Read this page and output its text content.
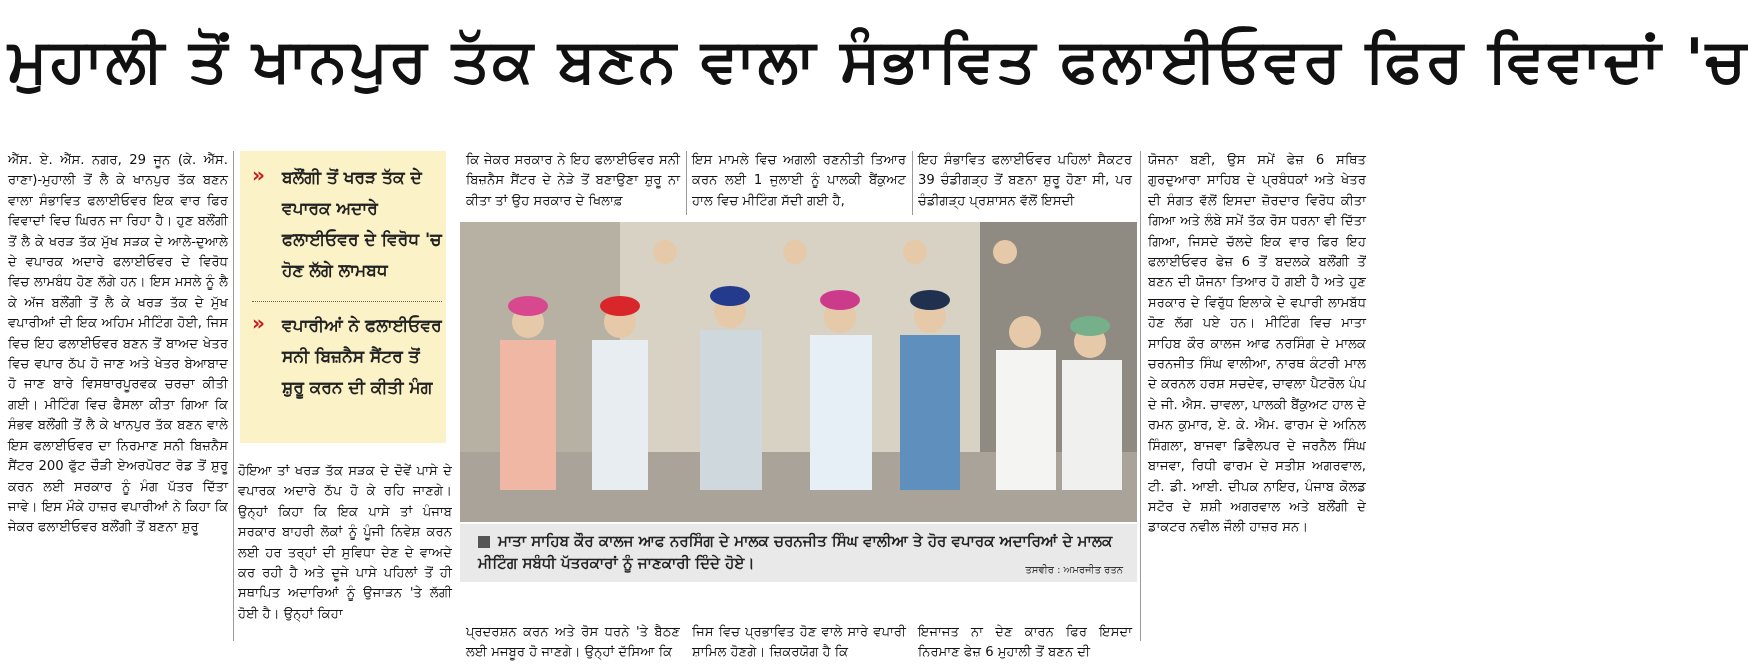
ਮੁਹਾਲੀ ਤੋਂ ਖਾਨਪੁਰ ਤੱਕ ਬਣਨ ਵਾਲਾ ਸੰਭਾਵਿਤ ਫਲਾਈਓਵਰ ਫਿਰ ਵਿਵਾਦਾਂ 'ਚ

ਐੱਸ. ਏ. ਐੱਸ. ਨਗਰ, 29 ਜੂਨ (ਕੇ. ਐੱਸ. ਰਾਣਾ)-ਮੁਹਾਲੀ ਤੋਂ ਲੈ ਕੇ ਖਾਨਪੁਰ ਤੱਕ ਬਣਨ ਵਾਲਾ ਸੰਭਾਵਿਤ ਫਲਾਈਓਵਰ ਇਕ ਵਾਰ ਫਿਰ ਵਿਵਾਦਾਂ ਵਿਚ ਘਿਰਨ ਜਾ ਰਿਹਾ ਹੈ। ਹੁਣ ਬਲੌਂਗੀ ਤੋਂ ਲੈ ਕੇ ਖਰੜ ਤੱਕ ਮੁੱਖ ਸੜਕ ਦੇ ਆਲੇ-ਦੁਆਲੇ ਦੇ ਵਪਾਰਕ ਅਦਾਰੇ ਫਲਾਈਓਵਰ ਦੇ ਵਿਰੋਧ ਵਿਚ ਲਾਮਬੰਧ ਹੋਣ ਲੱਗੇ ਹਨ। ਇਸ ਮਸਲੇ ਨੂੰ ਲੈ ਕੇ ਅੱਜ ਬਲੌਂਗੀ ਤੋਂ ਲੈ ਕੇ ਖਰੜ ਤੱਕ ਦੇ ਮੁੱਖ ਵਪਾਰੀਆਂ ਦੀ ਇਕ ਅਹਿਮ ਮੀਟਿੰਗ ਹੋਈ, ਜਿਸ ਵਿਚ ਇਹ ਫਲਾਈਓਵਰ ਬਣਨ ਤੋਂ ਬਾਅਦ ਖੇਤਰ ਵਿਚ ਵਪਾਰ ਠੱਪ ਹੋ ਜਾਣ ਅਤੇ ਖੇਤਰ ਬੇਆਬਾਦ ਹੋ ਜਾਣ ਬਾਰੇ ਵਿਸਥਾਰਪੂਰਵਕ ਚਰਚਾ ਕੀਤੀ ਗਈ। ਮੀਟਿੰਗ ਵਿਚ ਫੈਸਲਾ ਕੀਤਾ ਗਿਆ ਕਿ ਸੰਭਵ ਬਲੌਂਗੀ ਤੋਂ ਲੈ ਕੇ ਖਾਨਪੁਰ ਤੱਕ ਬਣਨ ਵਾਲੇ ਇਸ ਫਲਾਈਓਵਰ ਦਾ ਨਿਰਮਾਣ ਸਨੀ ਬਿਜ਼ਨੈਸ ਸੈਂਟਰ 200 ਫੁੱਟ ਚੌੜੀ ਏਅਰਪੋਰਟ ਰੋਡ ਤੋਂ ਸ਼ੁਰੂ ਕਰਨ ਲਈ ਸਰਕਾਰ ਨੂੰ ਮੰਗ ਪੱਤਰ ਦਿੱਤਾ ਜਾਵੇ। ਇਸ ਮੌਕੇ ਹਾਜ਼ਰ ਵਪਾਰੀਆਂ ਨੇ ਕਿਹਾ ਕਿ ਜੇਕਰ ਫਲਾਈਓਵਰ ਬਲੌਂਗੀ ਤੋਂ ਬਣਨਾ ਸ਼ੁਰੂ

» ਬਲੌਂਗੀ ਤੋਂ ਖਰੜ ਤੱਕ ਦੇ ਵਪਾਰਕ ਅਦਾਰੇ ਫਲਾਈਓਵਰ ਦੇ ਵਿਰੋਧ 'ਚ ਹੋਣ ਲੱਗੇ ਲਾਮਬਧ
» ਵਪਾਰੀਆਂ ਨੇ ਫਲਾਈਓਵਰ ਸਨੀ ਬਿਜ਼ਨੈਸ ਸੈਂਟਰ ਤੋਂ ਸ਼ੁਰੂ ਕਰਨ ਦੀ ਕੀਤੀ ਮੰਗ

ਕਿ ਜੇਕਰ ਸਰਕਾਰ ਨੇ ਇਹ ਫਲਾਈਓਵਰ ਸਨੀ ਬਿਜ਼ਨੈਸ ਸੈਂਟਰ ਦੇ ਨੇੜੇ ਤੋਂ ਬਣਾਉਣਾ ਸ਼ੁਰੂ ਨਾ ਕੀਤਾ ਤਾਂ ਉਹ ਸਰਕਾਰ ਦੇ ਖਿਲਾਫ਼

ਹੋਇਆ ਤਾਂ ਖਰੜ ਤੱਕ ਸੜਕ ਦੇ ਦੋਵੇਂ ਪਾਸੇ ਦੇ ਵਪਾਰਕ ਅਦਾਰੇ ਠੱਪ ਹੋ ਕੇ ਰਹਿ ਜਾਣਗੇ। ਉਨ੍ਹਾਂ ਕਿਹਾ ਕਿ ਇਕ ਪਾਸੇ ਤਾਂ ਪੰਜਾਬ ਸਰਕਾਰ ਬਾਹਰੀ ਲੋਕਾਂ ਨੂੰ ਪੂੰਜੀ ਨਿਵੇਸ਼ ਕਰਨ ਲਈ ਹਰ ਤਰ੍ਹਾਂ ਦੀ ਸੁਵਿਧਾ ਦੇਣ ਦੇ ਵਾਅਦੇ ਕਰ ਰਹੀ ਹੈ ਅਤੇ ਦੂਜੇ ਪਾਸੇ ਪਹਿਲਾਂ ਤੋਂ ਹੀ ਸਥਾਪਿਤ ਅਦਾਰਿਆਂ ਨੂੰ ਉਜਾੜਨ 'ਤੇ ਲੱਗੀ ਹੋਈ ਹੈ। ਉਨ੍ਹਾਂ ਕਿਹਾ

ਇਸ ਮਾਮਲੇ ਵਿਚ ਅਗਲੀ ਰਣਨੀਤੀ ਤਿਆਰ ਕਰਨ ਲਈ 1 ਜੁਲਾਈ ਨੂੰ ਪਾਲਕੀ ਬੈਂਕੁਅਟ ਹਾਲ ਵਿਚ ਮੀਟਿੰਗ ਸੱਦੀ ਗਈ ਹੈ,

ਇਹ ਸੰਭਾਵਿਤ ਫਲਾਈਓਵਰ ਪਹਿਲਾਂ ਸੈਕਟਰ 39 ਚੰਡੀਗੜ੍ਹ ਤੋਂ ਬਣਨਾ ਸ਼ੁਰੂ ਹੋਣਾ ਸੀ, ਪਰ ਚੰਡੀਗੜ੍ਹ ਪ੍ਰਸ਼ਾਸਨ ਵੱਲੋਂ ਇਸਦੀ

ਯੋਜਨਾ ਬਣੀ, ਉਸ ਸਮੇਂ ਫੇਜ਼ 6 ਸਥਿਤ ਗੁਰਦੁਆਰਾ ਸਾਹਿਬ ਦੇ ਪ੍ਰਬੰਧਕਾਂ ਅਤੇ ਖੇਤਰ ਦੀ ਸੰਗਤ ਵੱਲੋਂ ਇਸਦਾ ਜ਼ੋਰਦਾਰ ਵਿਰੋਧ ਕੀਤਾ ਗਿਆ ਅਤੇ ਲੰਬੇ ਸਮੇਂ ਤੱਕ ਰੋਸ ਧਰਨਾ ਵੀ ਦਿੱਤਾ ਗਿਆ, ਜਿਸਦੇ ਚੱਲਦੇ ਇਕ ਵਾਰ ਫਿਰ ਇਹ ਫਲਾਈਓਵਰ ਫੇਜ਼ 6 ਤੋਂ ਬਦਲਕੇ ਬਲੌਂਗੀ ਤੋਂ ਬਣਨ ਦੀ ਯੋਜਨਾ ਤਿਆਰ ਹੋ ਗਈ ਹੈ ਅਤੇ ਹੁਣ ਸਰਕਾਰ ਦੇ ਵਿਰੁੱਧ ਇਲਾਕੇ ਦੇ ਵਪਾਰੀ ਲਾਮਬੱਧ ਹੋਣ ਲੱਗ ਪਏ ਹਨ। ਮੀਟਿੰਗ ਵਿਚ ਮਾਤਾ ਸਾਹਿਬ ਕੌਰ ਕਾਲਜ ਆਫ ਨਰਸਿੰਗ ਦੇ ਮਾਲਕ ਚਰਨਜੀਤ ਸਿੰਘ ਵਾਲੀਆ, ਨਾਰਥ ਕੰਟਰੀ ਮਾਲ ਦੇ ਕਰਨਲ ਹਰਸ਼ ਸਚਦੇਵ, ਚਾਵਲਾ ਪੈਟਰੋਲ ਪੰਪ ਦੇ ਜੀ. ਐਸ. ਚਾਵਲਾ, ਪਾਲਕੀ ਬੈਂਕੁਅਟ ਹਾਲ ਦੇ ਰਮਨ ਕੁਮਾਰ, ਏ. ਕੇ. ਐਮ. ਫਾਰਮ ਦੇ ਅਨਿਲ ਸਿੰਗਲਾ, ਬਾਜਵਾ ਡਿਵੈਲਪਰ ਦੇ ਜਰਨੈਲ ਸਿੰਘ ਬਾਜਵਾ, ਰਿਧੀ ਫਾਰਮ ਦੇ ਸਤੀਸ਼ ਅਗਰਵਾਲ, ਟੀ. ਡੀ. ਆਈ. ਦੀਪਕ ਨਾਇਰ, ਪੰਜਾਬ ਕੋਲਡ ਸਟੋਰ ਦੇ ਸ਼ਸ਼ੀ ਅਗਰਵਾਲ ਅਤੇ ਬਲੌਂਗੀ ਦੇ ਡਾਕਟਰ ਨਵੀਲ ਜੌਲੀ ਹਾਜ਼ਰ ਸਨ।

ਮਾਤਾ ਸਾਹਿਬ ਕੌਰ ਕਾਲਜ ਆਫ ਨਰਸਿੰਗ ਦੇ ਮਾਲਕ ਚਰਨਜੀਤ ਸਿੰਘ ਵਾਲੀਆ ਤੇ ਹੋਰ ਵਪਾਰਕ ਅਦਾਰਿਆਂ ਦੇ ਮਾਲਕ ਮੀਟਿੰਗ ਸਬੰਧੀ ਪੱਤਰਕਾਰਾਂ ਨੂੰ ਜਾਣਕਾਰੀ ਦਿੰਦੇ ਹੋਏ।	ਤਸਵੀਰ : ਅਮਰਜੀਤ ਰਤਨ

ਪ੍ਰਦਰਸ਼ਨ ਕਰਨ ਅਤੇ ਰੋਸ ਧਰਨੇ 'ਤੇ ਬੈਠਣ ਲਈ ਮਜਬੂਰ ਹੋ ਜਾਣਗੇ। ਉਨ੍ਹਾਂ ਦੱਸਿਆ ਕਿ

ਜਿਸ ਵਿਚ ਪ੍ਰਭਾਵਿਤ ਹੋਣ ਵਾਲੇ ਸਾਰੇ ਵਪਾਰੀ ਸ਼ਾਮਿਲ ਹੋਣਗੇ। ਜ਼ਿਕਰਯੋਗ ਹੈ ਕਿ

ਇਜਾਜਤ ਨਾ ਦੇਣ ਕਾਰਨ ਫਿਰ ਇਸਦਾ ਨਿਰਮਾਣ ਫੇਜ਼ 6 ਮੁਹਾਲੀ ਤੋਂ ਬਣਨ ਦੀ
